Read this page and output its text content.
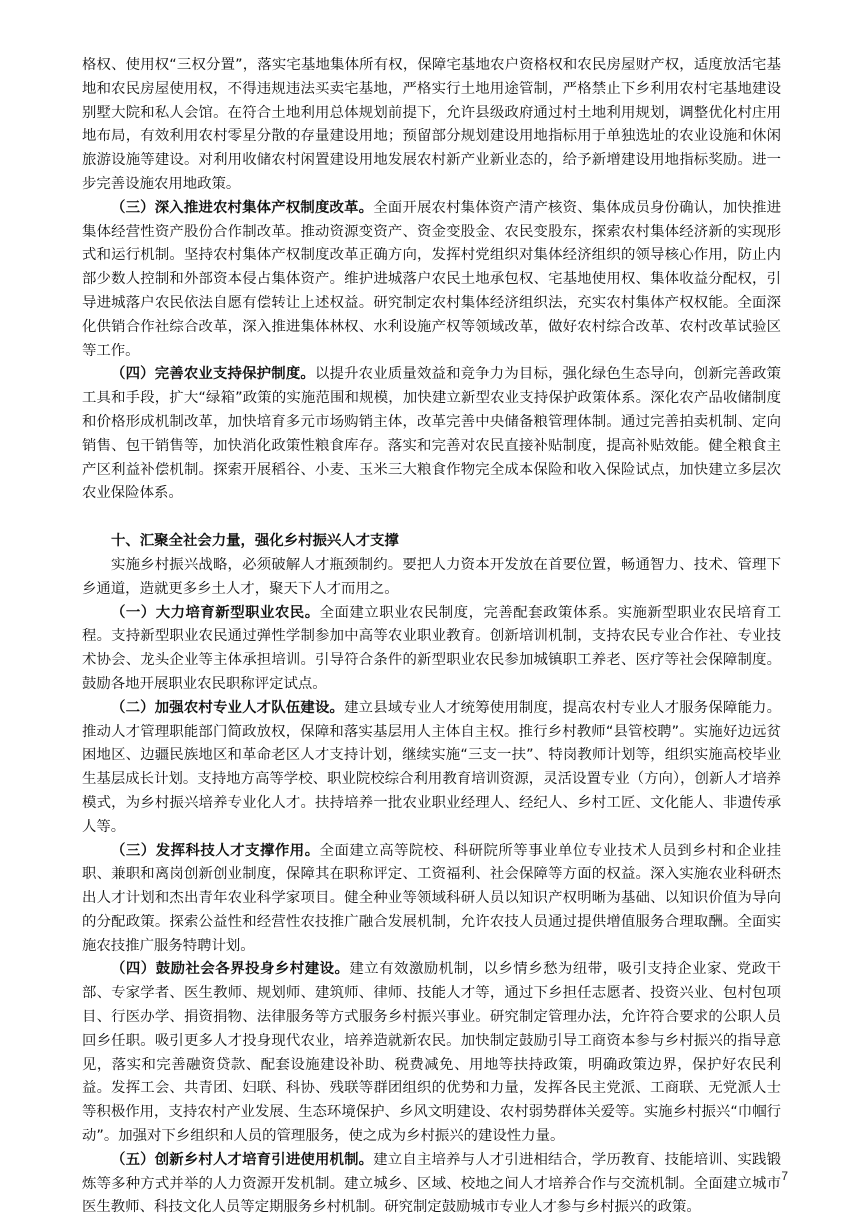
格权、使用权“三权分置”，落实宅基地集体所有权，保障宅基地农户资格权和农民房屋财产权，适度放活宅基地和农民房屋使用权，不得违规违法买卖宅基地，严格实行土地用途管制，严格禁止下乡利用农村宅基地建设别墅大院和私人会馆。在符合土地利用总体规划前提下，允许县级政府通过村土地利用规划，调整优化村庄用地布局，有效利用农村零星分散的存量建设用地；预留部分规划建设用地指标用于单独选址的农业设施和休闲旅游设施等建设。对利用收储农村闲置建设用地发展农村新产业新业态的，给予新增建设用地指标奖励。进一步完善设施农用地政策。

（三）深入推进农村集体产权制度改革。全面开展农村集体资产清产核资、集体成员身份确认，加快推进集体经营性资产股份合作制改革。推动资源变资产、资金变股金、农民变股东，探索农村集体经济新的实现形式和运行机制。坚持农村集体产权制度改革正确方向，发挥村党组织对集体经济组织的领导核心作用，防止内部少数人控制和外部资本侵占集体资产。维护进城落户农民土地承包权、宅基地使用权、集体收益分配权，引导进城落户农民依法自愿有偿转让上述权益。研究制定农村集体经济组织法，充实农村集体产权权能。全面深化供销合作社综合改革，深入推进集体林权、水利设施产权等领域改革，做好农村综合改革、农村改革试验区等工作。

（四）完善农业支持保护制度。以提升农业质量效益和竞争力为目标，强化绿色生态导向，创新完善政策工具和手段，扩大“绿箱”政策的实施范围和规模，加快建立新型农业支持保护政策体系。深化农产品收储制度和价格形成机制改革，加快培育多元市场购销主体，改革完善中央储备粮管理体制。通过完善拍卖机制、定向销售、包干销售等，加快消化政策性粮食库存。落实和完善对农民直接补贴制度，提高补贴效能。健全粮食主产区利益补偿机制。探索开展稻谷、小麦、玉米三大粮食作物完全成本保险和收入保险试点，加快建立多层次农业保险体系。

十、汇聚全社会力量，强化乡村振兴人才支撑

实施乡村振兴战略，必须破解人才瓶颈制约。要把人力资本开发放在首要位置，畅通智力、技术、管理下乡通道，造就更多乡土人才，聚天下人才而用之。

（一）大力培育新型职业农民。全面建立职业农民制度，完善配套政策体系。实施新型职业农民培育工程。支持新型职业农民通过弹性学制参加中高等农业职业教育。创新培训机制，支持农民专业合作社、专业技术协会、龙头企业等主体承担培训。引导符合条件的新型职业农民参加城镇职工养老、医疗等社会保障制度。鼓励各地开展职业农民职称评定试点。

（二）加强农村专业人才队伍建设。建立县域专业人才统筹使用制度，提高农村专业人才服务保障能力。推动人才管理职能部门简政放权，保障和落实基层用人主体自主权。推行乡村教师“县管校聘”。实施好边远贫困地区、边疆民族地区和革命老区人才支持计划，继续实施“三支一扶”、特岗教师计划等，组织实施高校毕业生基层成长计划。支持地方高等学校、职业院校综合利用教育培训资源，灵活设置专业（方向），创新人才培养模式，为乡村振兴培养专业化人才。扶持培养一批农业职业经理人、经纪人、乡村工匠、文化能人、非遗传承人等。

（三）发挥科技人才支撑作用。全面建立高等院校、科研院所等事业单位专业技术人员到乡村和企业挂职、兼职和离岗创新创业制度，保障其在职称评定、工资福利、社会保障等方面的权益。深入实施农业科研杰出人才计划和杰出青年农业科学家项目。健全种业等领域科研人员以知识产权明晰为基础、以知识价值为导向的分配政策。探索公益性和经营性农技推广融合发展机制，允许农技人员通过提供增值服务合理取酬。全面实施农技推广服务特聘计划。

（四）鼓励社会各界投身乡村建设。建立有效激励机制，以乡情乡愁为纽带，吸引支持企业家、党政干部、专家学者、医生教师、规划师、建筑师、律师、技能人才等，通过下乡担任志愿者、投资兴业、包村包项目、行医办学、捐资捐物、法律服务等方式服务乡村振兴事业。研究制定管理办法，允许符合要求的公职人员回乡任职。吸引更多人才投身现代农业，培养造就新农民。加快制定鼓励引导工商资本参与乡村振兴的指导意见，落实和完善融资贷款、配套设施建设补助、税费减免、用地等扶持政策，明确政策边界，保护好农民利益。发挥工会、共青团、妇联、科协、残联等群团组织的优势和力量，发挥各民主党派、工商联、无党派人士等积极作用，支持农村产业发展、生态环境保护、乡风文明建设、农村弱势群体关爱等。实施乡村振兴“巾帼行动”。加强对下乡组织和人员的管理服务，使之成为乡村振兴的建设性力量。

（五）创新乡村人才培育引进使用机制。建立自主培养与人才引进相结合，学历教育、技能培训、实践锻炼等多种方式并举的人力资源开发机制。建立城乡、区域、校地之间人才培养合作与交流机制。全面建立城市医生教师、科技文化人员等定期服务乡村机制。研究制定鼓励城市专业人才参与乡村振兴的政策。

7
